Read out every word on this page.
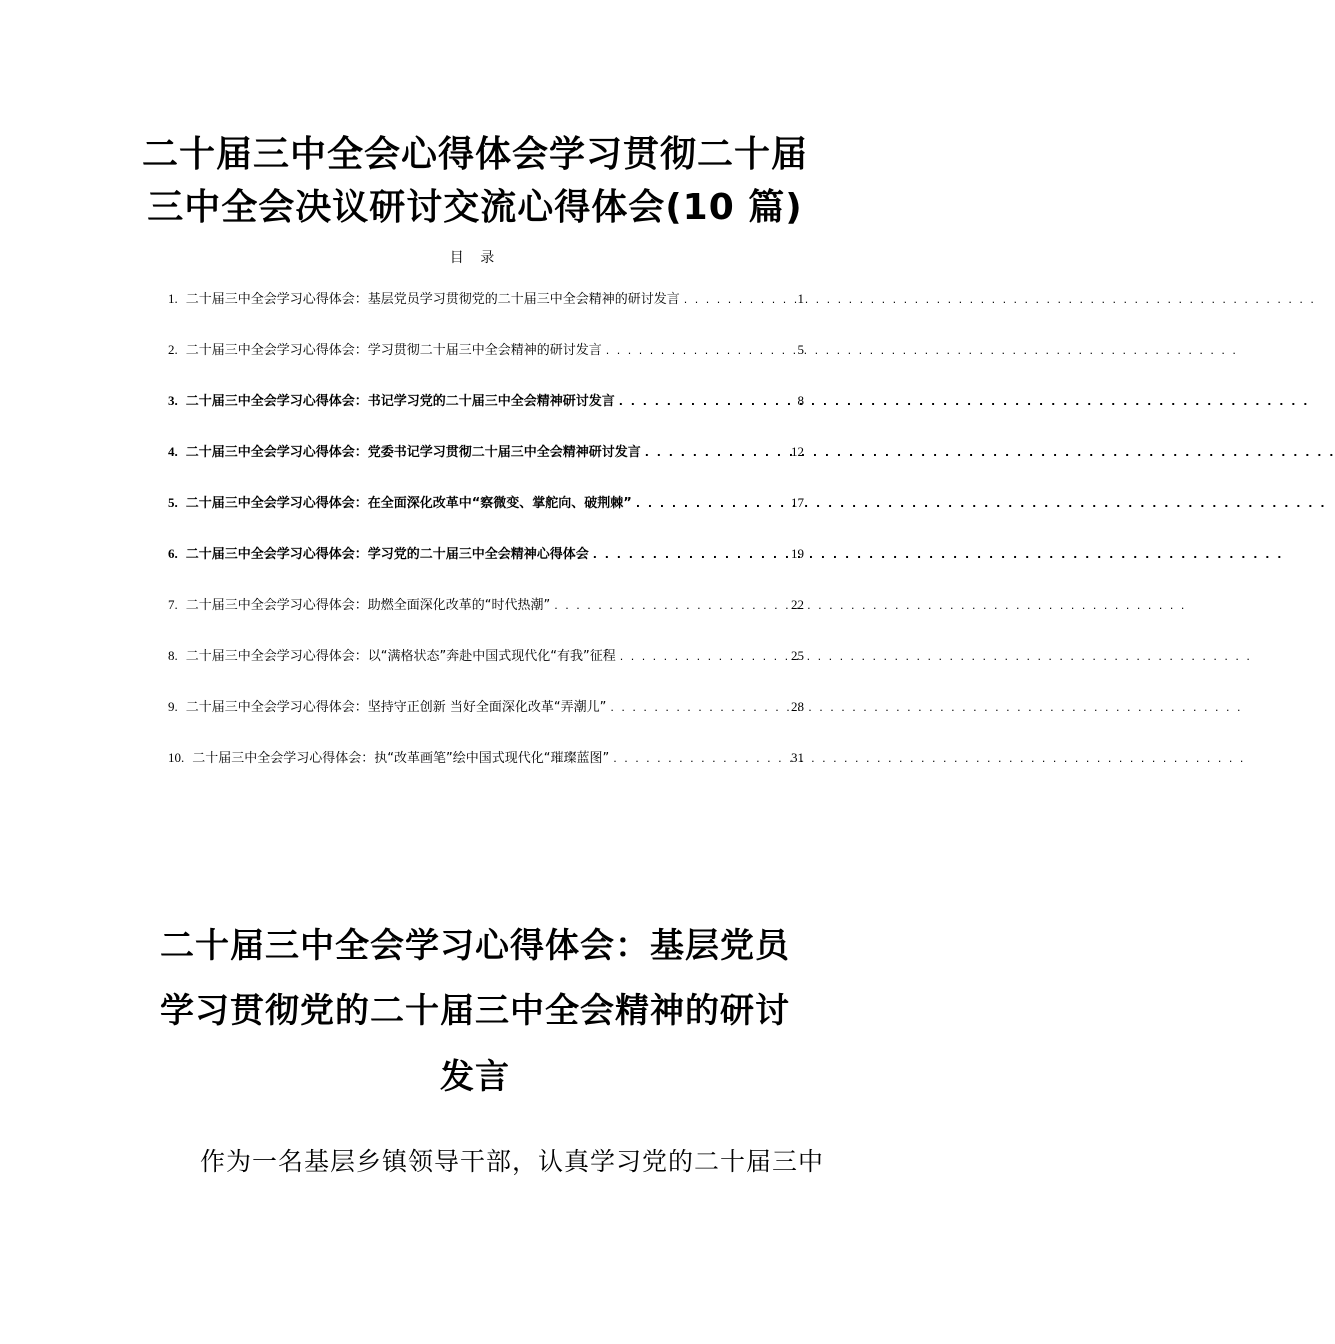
二十届三中全会心得体会学习贯彻二十届
三中全会决议研讨交流心得体会(10 篇)
目 录
1. 二十届三中全会学习心得体会：基层党员学习贯彻党的二十届三中全会精神的研讨发言 . . .	1
2. 二十届三中全会学习心得体会：学习贯彻二十届三中全会精神的研讨发言 . . .	5
3. 二十届三中全会学习心得体会：书记学习党的二十届三中全会精神研讨发言 . . .	8
4. 二十届三中全会学习心得体会：党委书记学习贯彻二十届三中全会精神研讨发言 . . .	12
5. 二十届三中全会学习心得体会：在全面深化改革中“察微变、掌舵向、破荆棘” . . .	17
6. 二十届三中全会学习心得体会：学习党的二十届三中全会精神心得体会 . . .	19
7. 二十届三中全会学习心得体会：助燃全面深化改革的“时代热潮” . . .	22
8. 二十届三中全会学习心得体会：以“满格状态”奔赴中国式现代化“有我”征程 . . .	25
9. 二十届三中全会学习心得体会：坚持守正创新 当好全面深化改革“弄潮儿” . . .	28
10. 二十届三中全会学习心得体会：执“改革画笔”绘中国式现代化“璀璨蓝图” . . .	31
二十届三中全会学习心得体会：基层党员
学习贯彻党的二十届三中全会精神的研讨
发言

作为一名基层乡镇领导干部，认真学习党的二十届三中
